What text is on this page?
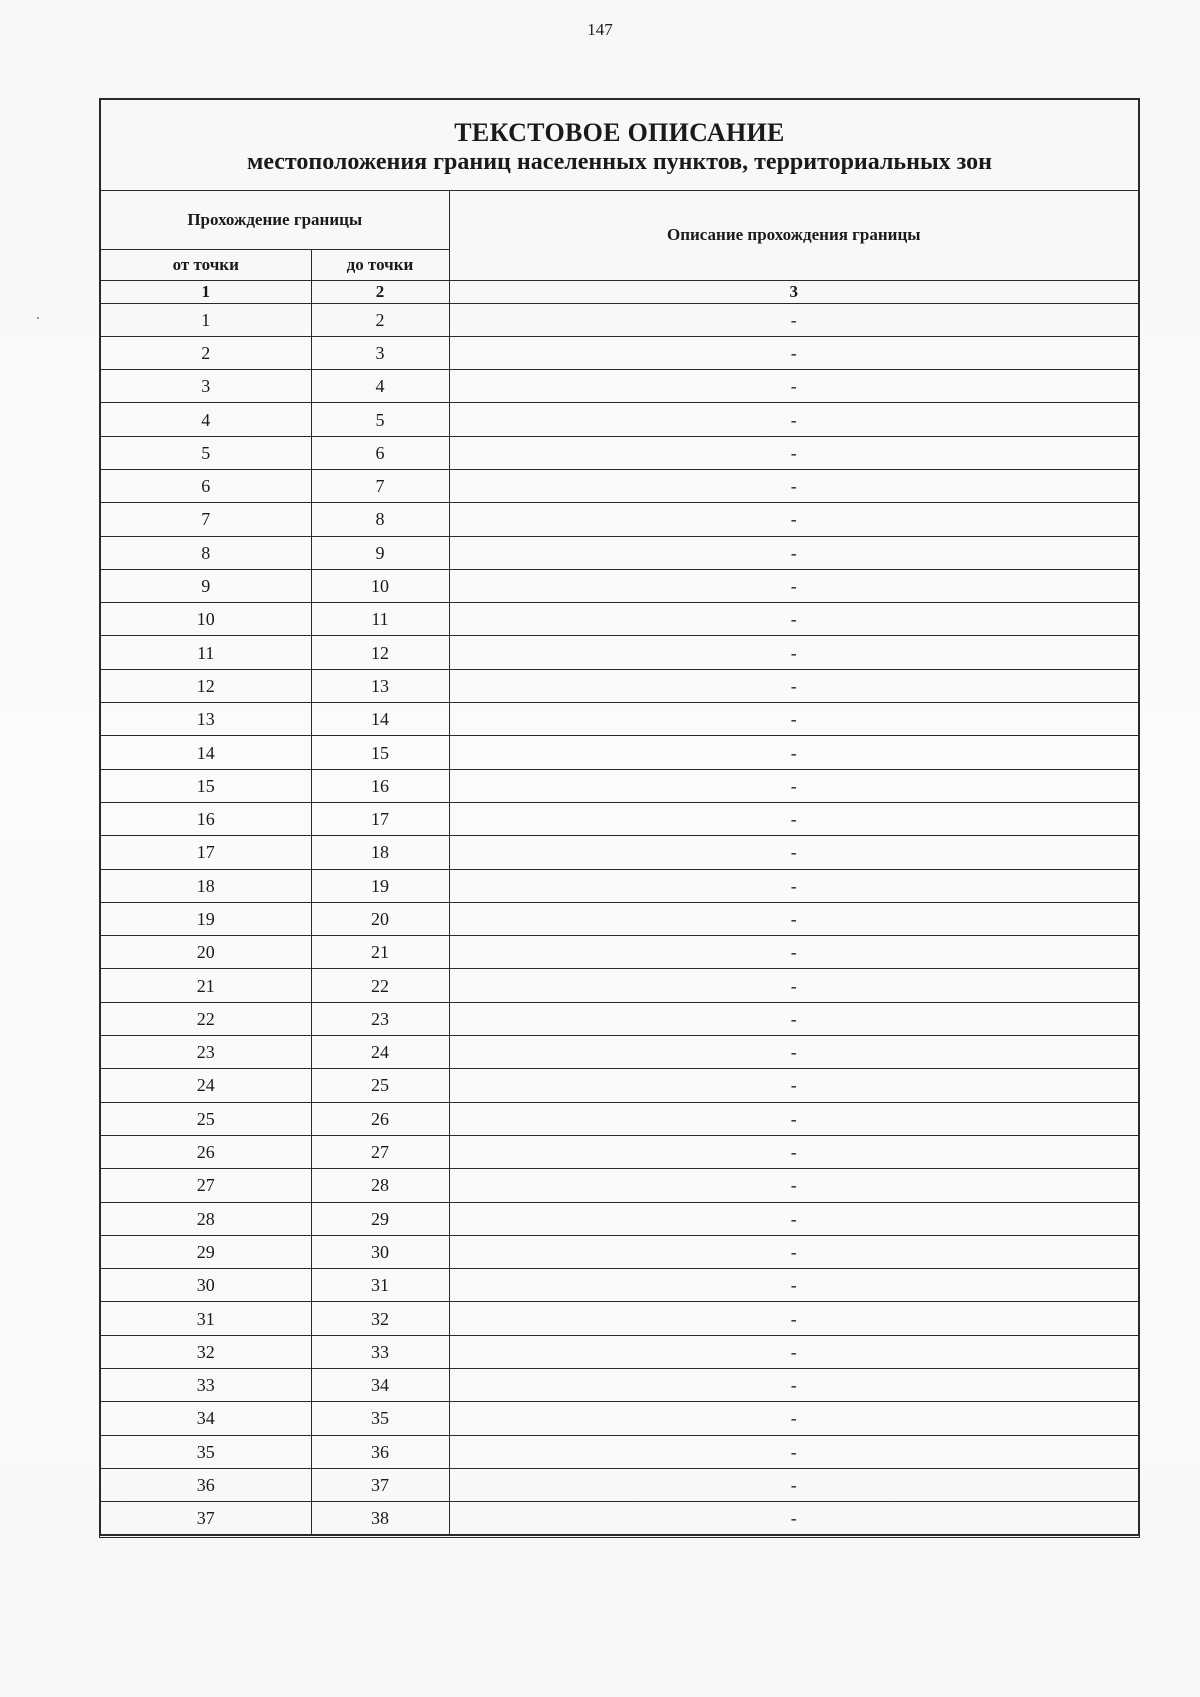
147
ТЕКСТОВОЕ ОПИСАНИЕ
местоположения границ населенных пунктов, территориальных зон
Прохождение границы		Описание прохождения границы
от точки	до точки	
1	2	3
1	2	-
2	3	-
3	4	-
4	5	-
5	6	-
6	7	-
7	8	-
8	9	-
9	10	-
10	11	-
11	12	-
12	13	-
13	14	-
14	15	-
15	16	-
16	17	-
17	18	-
18	19	-
19	20	-
20	21	-
21	22	-
22	23	-
23	24	-
24	25	-
25	26	-
26	27	-
27	28	-
28	29	-
29	30	-
30	31	-
31	32	-
32	33	-
33	34	-
34	35	-
35	36	-
36	37	-
37	38	-
